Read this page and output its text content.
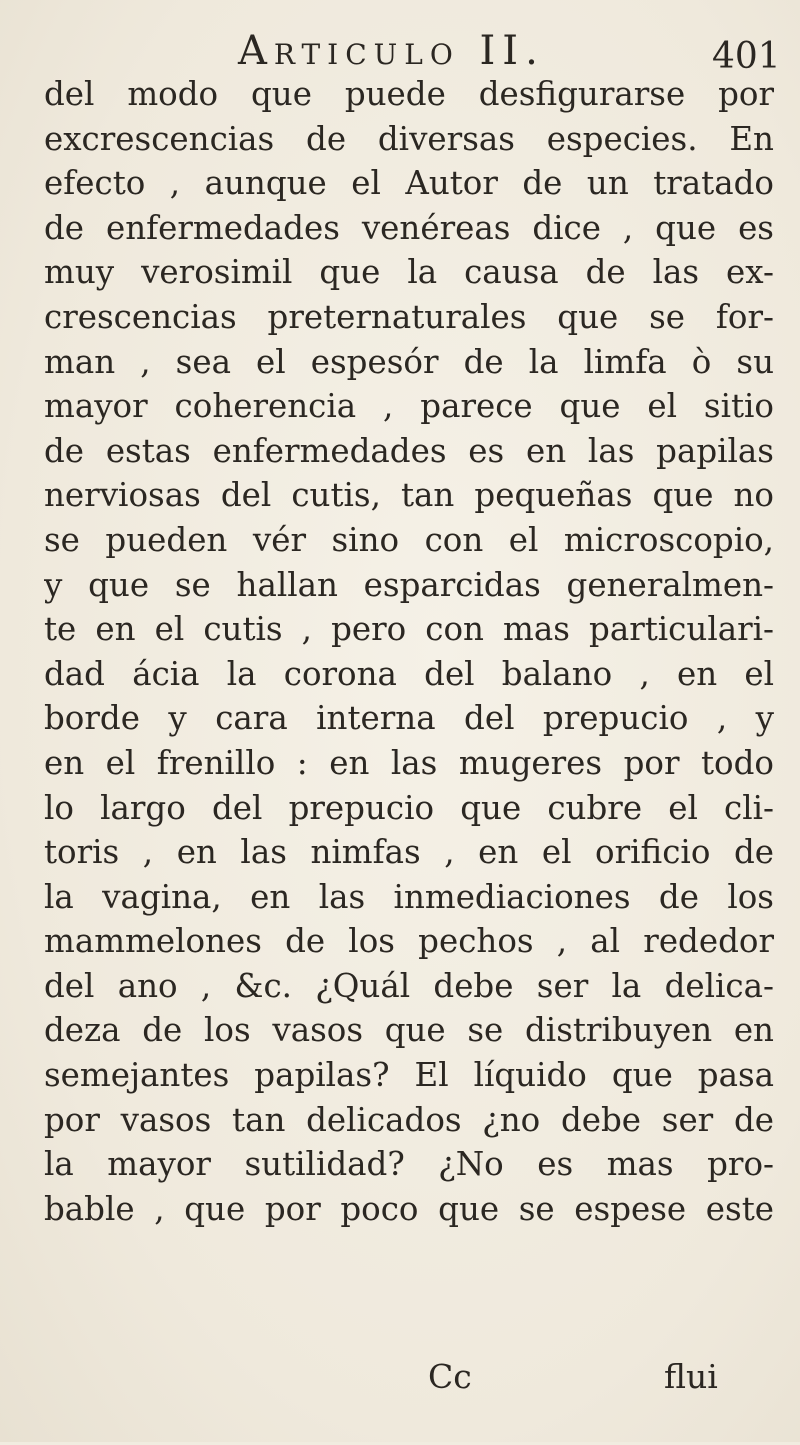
Articulo II.	401
del modo que puede desfigurarse por
excrescencias de diversas especies. En
efecto , aunque el Autor de un tratado
de enfermedades venéreas dice , que es
muy verosimil que la causa de las ex-
crescencias preternaturales que se for-
man , sea el espesór de la limfa ò su
mayor coherencia , parece que el sitio
de estas enfermedades es en las papilas
nerviosas del cutis, tan pequeñas que no
se pueden vér sino con el microscopio,
y que se hallan esparcidas generalmen-
te en el cutis , pero con mas particulari-
dad ácia la corona del balano , en el
borde y cara interna del prepucio , y
en el frenillo : en las mugeres por todo
lo largo del prepucio que cubre el cli-
toris , en las nimfas , en el orificio de
la vagina, en las inmediaciones de los
mammelones de los pechos , al rededor
del ano , &c. ¿Quál debe ser la delica-
deza de los vasos que se distribuyen en
semejantes papilas? El líquido que pasa
por vasos tan delicados ¿no debe ser de
la mayor sutilidad? ¿No es mas pro-
bable , que por poco que se espese este
Cc	flui
